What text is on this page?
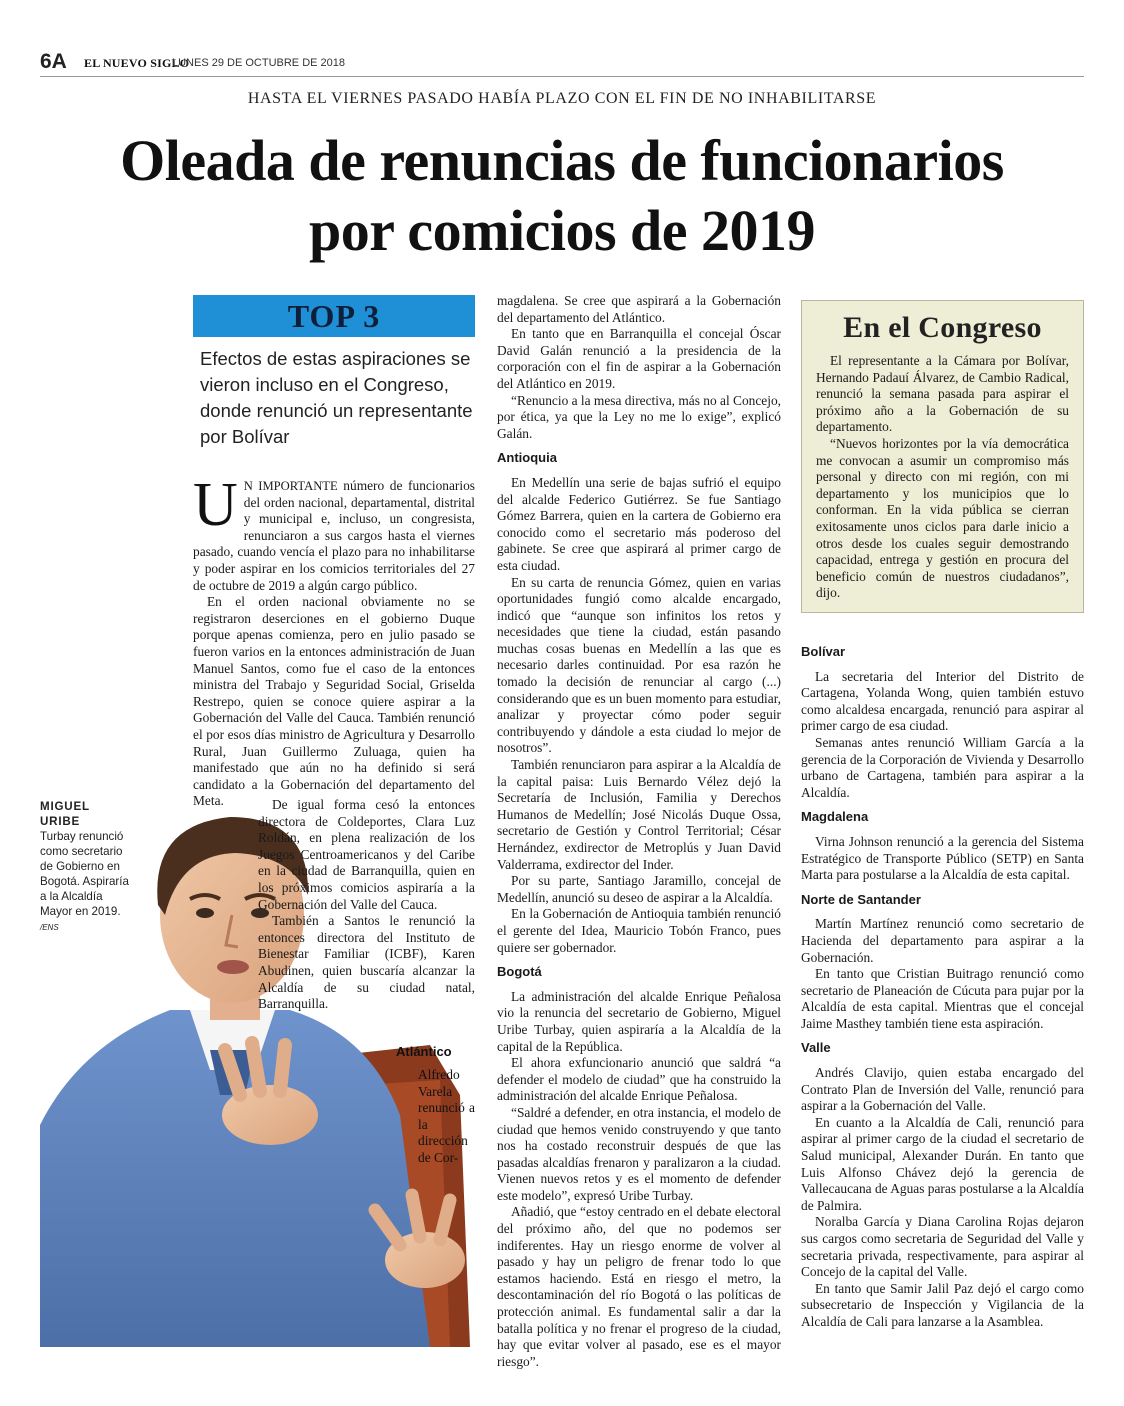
6A EL NUEVO SIGLO
LUNES 29 DE OCTUBRE DE 2018
HASTA EL VIERNES PASADO HABÍA PLAZO CON EL FIN DE NO INHABILITARSE
Oleada de renuncias de funcionarios
por comicios de 2019
TOP 3
Efectos de estas aspiraciones se vieron incluso en el Congreso, donde renunció un representante por Bolívar

U N IMPORTANTE número de funcionarios del orden nacional, departamental, distrital y municipal e, incluso, un congresista, renunciaron a sus cargos hasta el viernes pasado, cuando vencía el plazo para no inhabilitarse y poder aspirar en los comicios territoriales del 27 de octubre de 2019 a algún cargo público.

En el orden nacional obviamente no se registraron deserciones en el gobierno Duque porque apenas comienza, pero en julio pasado se fueron varios en la entonces administración de Juan Manuel Santos, como fue el caso de la entonces ministra del Trabajo y Seguridad Social, Griselda Restrepo, quien se conoce quiere aspirar a la Gobernación del Valle del Cauca. También renunció el por esos días ministro de Agricultura y Desarrollo Rural, Juan Guillermo Zuluaga, quien ha manifestado que aún no ha definido si será candidato a la Gobernación del departamento del Meta.

MIGUEL URIBE
Turbay renunció como secretario de Gobierno en Bogotá. Aspiraría a la Alcaldía Mayor en 2019. /ENS

De igual forma cesó la entonces directora de Coldeportes, Clara Luz Roldán, en plena realización de los Juegos Centroamericanos y del Caribe en la ciudad de Barranquilla, quien en los próximos comicios aspiraría a la Gobernación del Valle del Cauca.

También a Santos le renunció la entonces directora del Instituto de Bienestar Familiar (ICBF), Karen Abudinen, quien buscaría alcanzar la Alcaldía de su ciudad natal, Barranquilla.

Atlántico
Alfredo Varela renunció a la dirección de Cor-

magdalena. Se cree que aspirará a la Gobernación del departamento del Atlántico.

En tanto que en Barranquilla el concejal Óscar David Galán renunció a la presidencia de la corporación con el fin de aspirar a la Gobernación del Atlántico en 2019.

“Renuncio a la mesa directiva, más no al Concejo, por ética, ya que la Ley no me lo exige”, explicó Galán.

Antioquia

En Medellín una serie de bajas sufrió el equipo del alcalde Federico Gutiérrez. Se fue Santiago Gómez Barrera, quien en la cartera de Gobierno era conocido como el secretario más poderoso del gabinete. Se cree que aspirará al primer cargo de esta ciudad.

En su carta de renuncia Gómez, quien en varias oportunidades fungió como alcalde encargado, indicó que “aunque son infinitos los retos y necesidades que tiene la ciudad, están pasando muchas cosas buenas en Medellín a las que es necesario darles continuidad. Por esa razón he tomado la decisión de renunciar al cargo (...) considerando que es un buen momento para estudiar, analizar y proyectar cómo poder seguir contribuyendo y dándole a esta ciudad lo mejor de nosotros”.

También renunciaron para aspirar a la Alcaldía de la capital paisa: Luis Bernardo Vélez dejó la Secretaría de Inclusión, Familia y Derechos Humanos de Medellín; José Nicolás Duque Ossa, secretario de Gestión y Control Territorial; César Hernández, exdirector de Metroplús y Juan David Valderrama, exdirector del Inder.

Por su parte, Santiago Jaramillo, concejal de Medellín, anunció su deseo de aspirar a la Alcaldía.

En la Gobernación de Antioquia también renunció el gerente del Idea, Mauricio Tobón Franco, pues quiere ser gobernador.

Bogotá

La administración del alcalde Enrique Peñalosa vio la renuncia del secretario de Gobierno, Miguel Uribe Turbay, quien aspiraría a la Alcaldía de la capital de la República.

El ahora exfuncionario anunció que saldrá “a defender el modelo de ciudad” que ha construido la administración del alcalde Enrique Peñalosa.

“Saldré a defender, en otra instancia, el modelo de ciudad que hemos venido construyendo y que tanto nos ha costado reconstruir después de que las pasadas alcaldías frenaron y paralizaron a la ciudad. Vienen nuevos retos y es el momento de defender este modelo”, expresó Uribe Turbay.

Añadió, que “estoy centrado en el debate electoral del próximo año, del que no podemos ser indiferentes. Hay un riesgo enorme de volver al pasado y hay un peligro de frenar todo lo que estamos haciendo. Está en riesgo el metro, la descontaminación del río Bogotá o las políticas de protección animal. Es fundamental salir a dar la batalla política y no frenar el progreso de la ciudad, hay que evitar volver al pasado, ese es el mayor riesgo”.

En el Congreso

El representante a la Cámara por Bolívar, Hernando Padauí Álvarez, de Cambio Radical, renunció la semana pasada para aspirar el próximo año a la Gobernación de su departamento.

“Nuevos horizontes por la vía democrática me convocan a asumir un compromiso más personal y directo con mi región, con mi departamento y los municipios que lo conforman. En la vida pública se cierran exitosamente unos ciclos para darle inicio a otros desde los cuales seguir demostrando capacidad, entrega y gestión en procura del beneficio común de nuestros ciudadanos”, dijo.

Bolívar

La secretaria del Interior del Distrito de Cartagena, Yolanda Wong, quien también estuvo como alcaldesa encargada, renunció para aspirar al primer cargo de esa ciudad.

Semanas antes renunció William García a la gerencia de la Corporación de Vivienda y Desarrollo urbano de Cartagena, también para aspirar a la Alcaldía.

Magdalena

Virna Johnson renunció a la gerencia del Sistema Estratégico de Transporte Público (SETP) en Santa Marta para postularse a la Alcaldía de esta capital.

Norte de Santander

Martín Martínez renunció como secretario de Hacienda del departamento para aspirar a la Gobernación.

En tanto que Cristian Buitrago renunció como secretario de Planeación de Cúcuta para pujar por la Alcaldía de esta capital. Mientras que el concejal Jaime Masthey también tiene esta aspiración.

Valle

Andrés Clavijo, quien estaba encargado del Contrato Plan de Inversión del Valle, renunció para aspirar a la Gobernación del Valle.

En cuanto a la Alcaldía de Cali, renunció para aspirar al primer cargo de la ciudad el secretario de Salud municipal, Alexander Durán. En tanto que Luis Alfonso Chávez dejó la gerencia de Vallecaucana de Aguas paras postularse a la Alcaldía de Palmira.

Noralba García y Diana Carolina Rojas dejaron sus cargos como secretaria de Seguridad del Valle y secretaria privada, respectivamente, para aspirar al Concejo de la capital del Valle.

En tanto que Samir Jalil Paz dejó el cargo como subsecretario de Inspección y Vigilancia de la Alcaldía de Cali para lanzarse a la Asamblea.
